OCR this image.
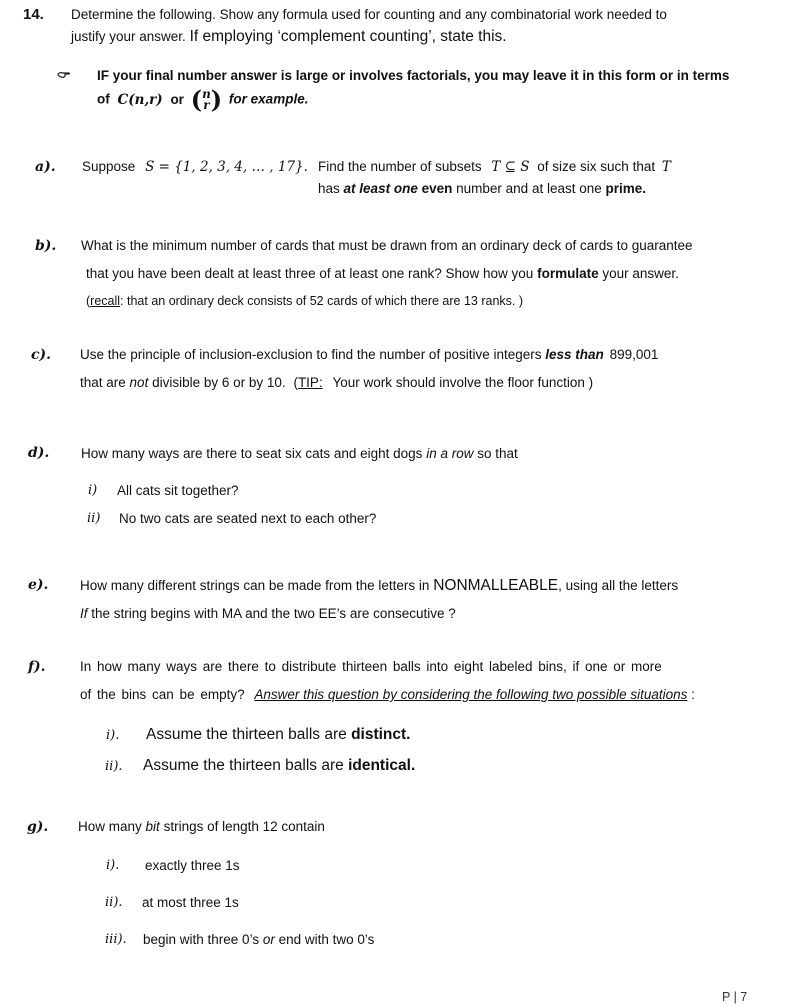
14. Determine the following. Show any formula used for counting and any combinatorial work needed to
justify your answer. If employing ‘complement counting’, state this.
IF your final number answer is large or involves factorials, you may leave it in this form or in terms
of C(n,r) or ( n
r ) for example.
a). Suppose S = {1, 2, 3, 4, … , 17}. Find the number of subsets T ⊆ S of size six such that T
has at least one even number and at least one prime.
b). What is the minimum number of cards that must be drawn from an ordinary deck of cards to guarantee
that you have been dealt at least three of at least one rank? Show how you formulate your answer.
(recall: that an ordinary deck consists of 52 cards of which there are 13 ranks. )
c). Use the principle of inclusion-exclusion to find the number of positive integers less than 899,001
that are not divisible by 6 or by 10. (TIP: Your work should involve the floor function )
d). How many ways are there to seat six cats and eight dogs in a row so that
i) All cats sit together?
ii) No two cats are seated next to each other?
e). How many different strings can be made from the letters in NONMALLEABLE, using all the letters
If the string begins with MA and the two EE’s are consecutive ?
f).	In how many ways are there to distribute thirteen balls into eight labeled bins, if one or more
of the bins can be empty? Answer this question by considering the following two possible situations :
i). Assume the thirteen balls are distinct.
ii). Assume the thirteen balls are identical.
g). How many bit strings of length 12 contain
i). exactly three 1s
ii). at most three 1s
iii). begin with three 0’s or end with two 0’s
P | 7
